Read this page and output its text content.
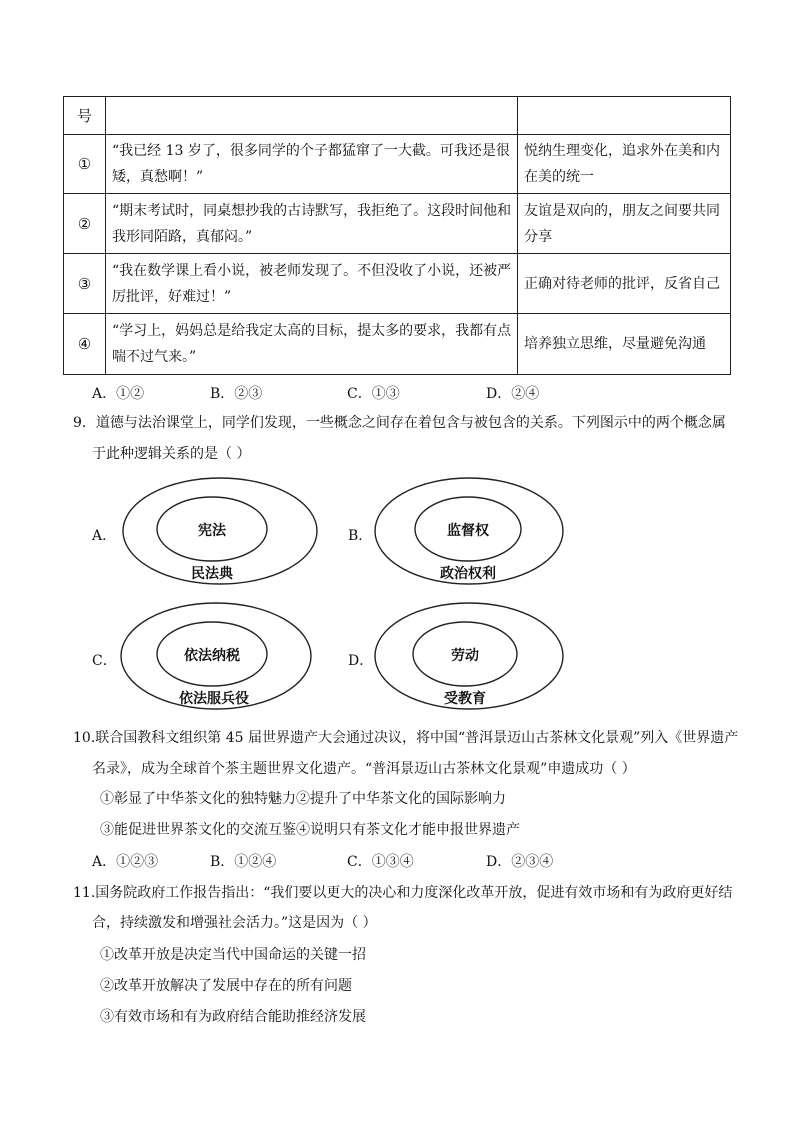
号		
①	“我已经 13 岁了，很多同学的个子都猛窜了一大截。可我还是很
矮，真愁啊！”	悦纳生理变化，追求外在美和内
在美的统一

②	“期末考试时，同桌想抄我的古诗默写，我拒绝了。这段时间他和
我形同陌路，真郁闷。”	友谊是双向的，朋友之间要共同
分享

③	“我在数学课上看小说，被老师发现了。不但没收了小说，还被严
厉批评，好难过！”	正确对待老师的批评，反省自己

④	“学习上，妈妈总是给我定太高的目标，提太多的要求，我都有点
喘不过气来。”	培养独立思维，尽量避免沟通
A．①②	B．②③	C．①③	D．②④
9．道德与法治课堂上，同学们发现，一些概念之间存在着包含与被包含的关系。下列图示中的两个概念属
于此种逻辑关系的是（ ）
A．	宪法
民法典
B．	监督权
政治权利
C．	依法纳税
依法服兵役
D．	劳动
受教育
10.联合国教科文组织第 45 届世界遗产大会通过决议，将中国“普洱景迈山古茶林文化景观”列入《世界遗产
名录》，成为全球首个茶主题世界文化遗产。“普洱景迈山古茶林文化景观”申遗成功（ ）
①彰显了中华茶文化的独特魅力②提升了中华茶文化的国际影响力
③能促进世界茶文化的交流互鉴④说明只有茶文化才能申报世界遗产
A．①②③	B．①②④	C．①③④	D．②③④
11.国务院政府工作报告指出：“我们要以更大的决心和力度深化改革开放，促进有效市场和有为政府更好结
合，持续激发和增强社会活力。”这是因为（ ）
①改革开放是决定当代中国命运的关键一招
②改革开放解决了发展中存在的所有问题
③有效市场和有为政府结合能助推经济发展
